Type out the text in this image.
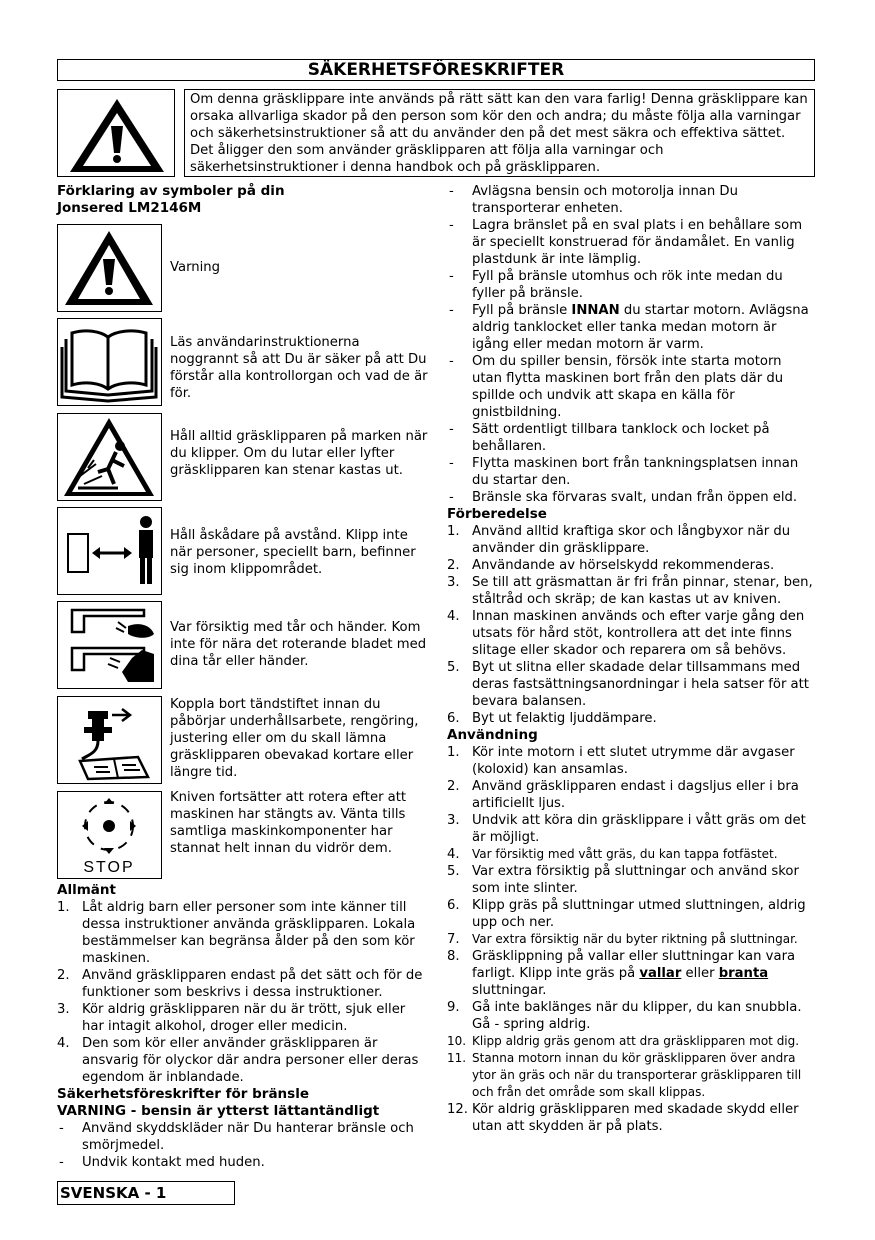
SÄKERHETSFÖRESKRIFTER
Om denna gräsklippare inte används på rätt sätt kan den vara farlig! Denna gräsklippare kan orsaka allvarliga skador på den person som kör den och andra; du måste följa alla varningar och säkerhetsinstruktioner så att du använder den på det mest säkra och effektiva sättet. Det åligger den som använder gräsklipparen att följa alla varningar och säkerhetsinstruktioner i denna handbok och på gräsklipparen.
Förklaring av symboler på din
Jonsered LM2146M
Varning
Läs användarinstruktionerna noggrannt så att Du är säker på att Du förstår alla kontrollorgan och vad de är för.
Håll alltid gräsklipparen på marken när du klipper. Om du lutar eller lyfter gräsklipparen kan stenar kastas ut.
Håll åskådare på avstånd. Klipp inte när personer, speciellt barn, befinner sig inom klippområdet.
Var försiktig med tår och händer. Kom inte för nära det roterande bladet med dina tår eller händer.
Koppla bort tändstiftet innan du påbörjar underhållsarbete, rengöring, justering eller om du skall lämna gräsklipparen obevakad kortare eller längre tid.
STOP
Kniven fortsätter att rotera efter att maskinen har stängts av. Vänta tills samtliga maskinkomponenter har stannat helt innan du vidrör dem.
Allmänt
1. Låt aldrig barn eller personer som inte känner till dessa instruktioner använda gräsklipparen. Lokala bestämmelser kan begränsa ålder på den som kör maskinen.
2. Använd gräsklipparen endast på det sätt och för de funktioner som beskrivs i dessa instruktioner.
3. Kör aldrig gräsklipparen när du är trött, sjuk eller har intagit alkohol, droger eller medicin.
4. Den som kör eller använder gräsklipparen är ansvarig för olyckor där andra personer eller deras egendom är inblandade.
Säkerhetsföreskrifter för bränsle
VARNING - bensin är ytterst lättantändligt
- Använd skyddskläder när Du hanterar bränsle och smörjmedel.
- Undvik kontakt med huden.
- Avlägsna bensin och motorolja innan Du transporterar enheten.
- Lagra bränslet på en sval plats i en behållare som är speciellt konstruerad för ändamålet. En vanlig plastdunk är inte lämplig.
- Fyll på bränsle utomhus och rök inte medan du fyller på bränsle.
- Fyll på bränsle INNAN du startar motorn. Avlägsna aldrig tanklocket eller tanka medan motorn är igång eller medan motorn är varm.
- Om du spiller bensin, försök inte starta motorn utan flytta maskinen bort från den plats där du spillde och undvik att skapa en källa för gnistbildning.
- Sätt ordentligt tillbara tanklock och locket på behållaren.
- Flytta maskinen bort från tankningsplatsen innan du startar den.
- Bränsle ska förvaras svalt, undan från öppen eld.
Förberedelse
1. Använd alltid kraftiga skor och långbyxor när du använder din gräsklippare.
2. Användande av hörselskydd rekommenderas.
3. Se till att gräsmattan är fri från pinnar, stenar, ben, ståltråd och skräp; de kan kastas ut av kniven.
4. Innan maskinen används och efter varje gång den utsats för hård stöt, kontrollera att det inte finns slitage eller skador och reparera om så behövs.
5. Byt ut slitna eller skadade delar tillsammans med deras fastsättningsanordningar i hela satser för att bevara balansen.
6. Byt ut felaktig ljuddämpare.
Användning
1. Kör inte motorn i ett slutet utrymme där avgaser (koloxid) kan ansamlas.
2. Använd gräsklipparen endast i dagsljus eller i bra artificiellt ljus.
3. Undvik att köra din gräsklippare i vått gräs om det är möjligt.
4. Var försiktig med vått gräs, du kan tappa fotfästet.
5. Var extra försiktig på sluttningar och använd skor som inte slinter.
6. Klipp gräs på sluttningar utmed sluttningen, aldrig upp och ner.
7. Var extra försiktig när du byter riktning på sluttningar.
8. Gräsklippning på vallar eller sluttningar kan vara farligt. Klipp inte gräs på vallar eller branta sluttningar.
9. Gå inte baklänges när du klipper, du kan snubbla. Gå - spring aldrig.
10. Klipp aldrig gräs genom att dra gräsklipparen mot dig.
11. Stanna motorn innan du kör gräsklipparen över andra ytor än gräs och när du transporterar gräsklipparen till och från det område som skall klippas.
12. Kör aldrig gräsklipparen med skadade skydd eller utan att skydden är på plats.
SVENSKA - 1
